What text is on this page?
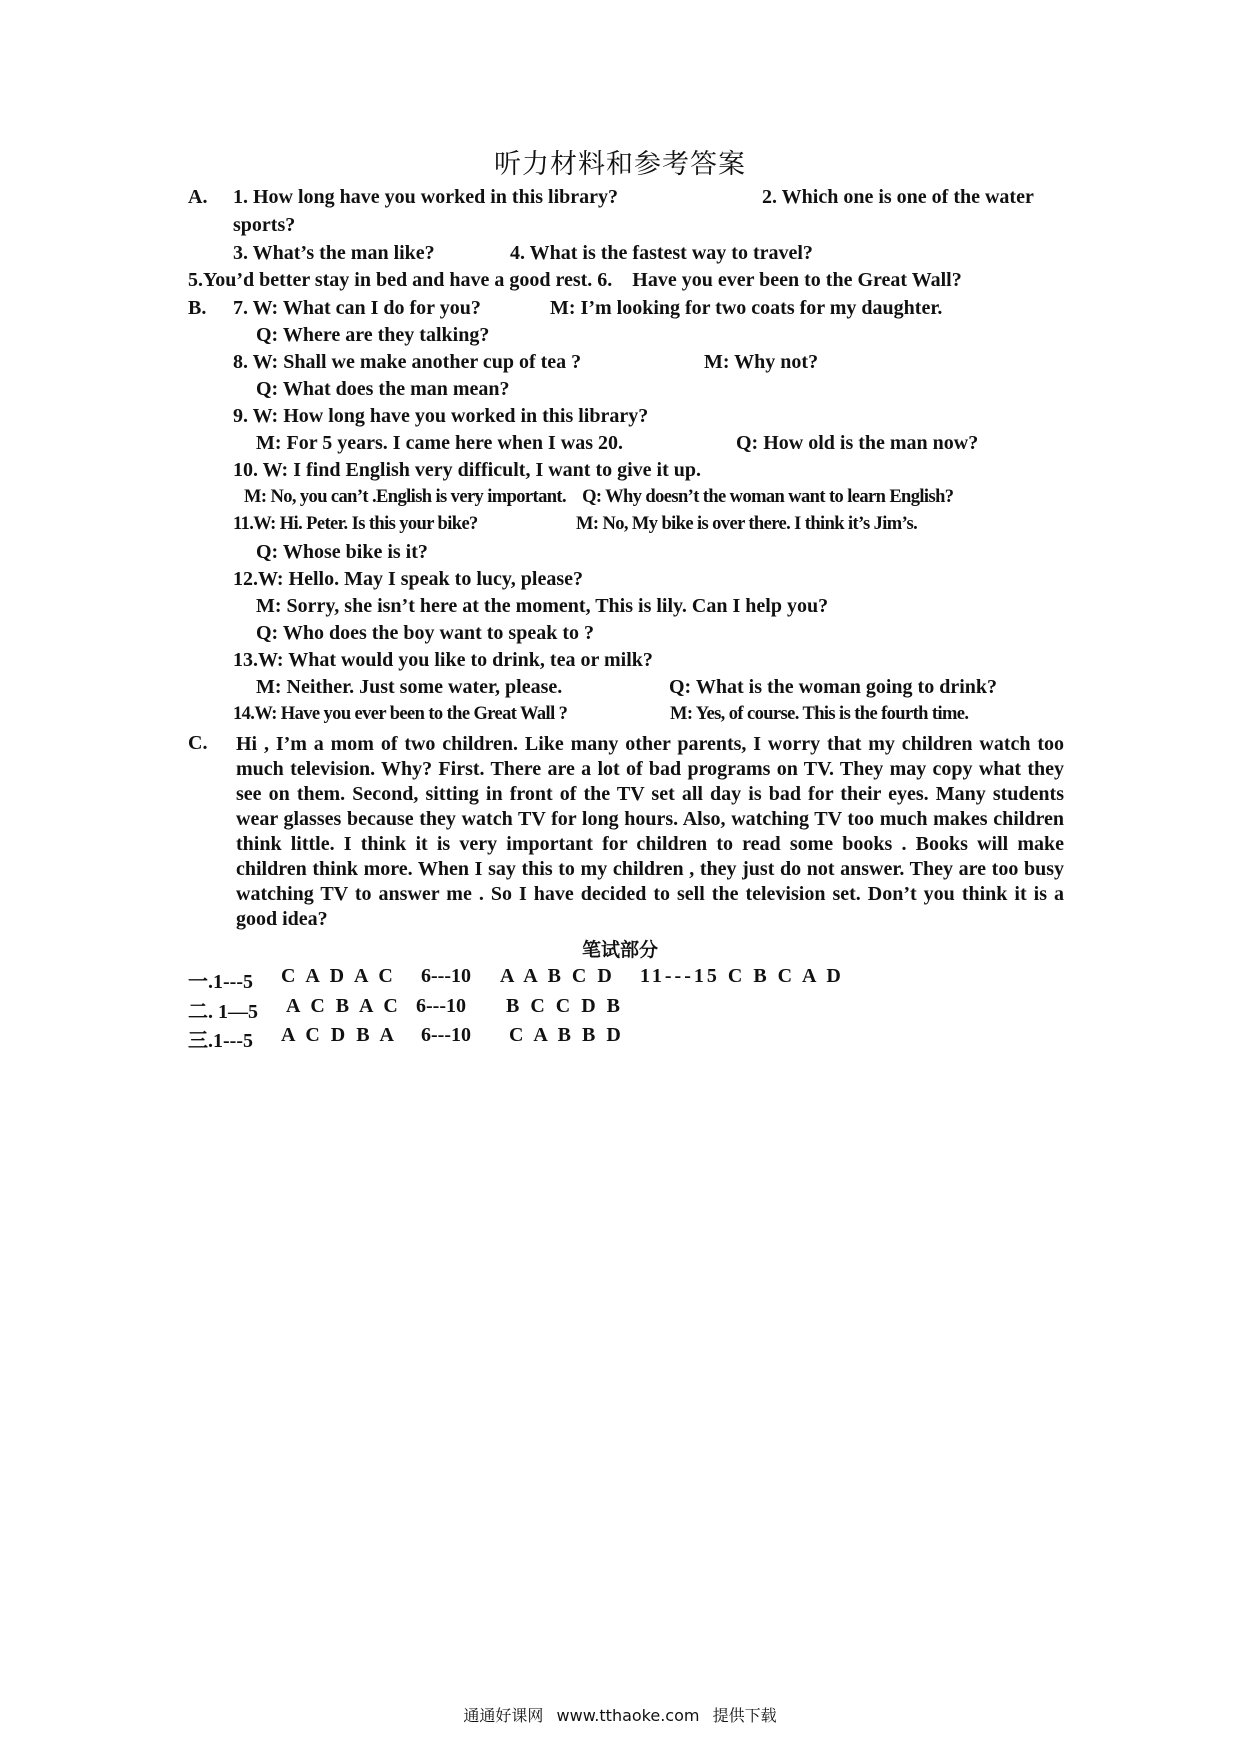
听力材料和参考答案
A. 1. How long have you worked in this library?	2. Which one is one of the water
sports?
3. What’s the man like?	4. What is the fastest way to travel?
5.You’d better stay in bed and have a good rest. 6.    Have you ever been to the Great Wall?
B. 7. W: What can I do for you?	M: I’m looking for two coats for my daughter.
Q: Where are they talking?
8. W: Shall we make another cup of tea ?	M: Why not?
Q: What does the man mean?
9. W: How long have you worked in this library?
M: For 5 years. I came here when I was 20.	Q: How old is the man now?
10. W: I find English very difficult, I want to give it up.
M: No, you can’t .English is very important.    Q: Why doesn’t the woman want to learn English?
11.W: Hi. Peter. Is this your bike?	M: No, My bike is over there. I think it’s Jim’s.
Q: Whose bike is it?
12.W: Hello. May I speak to lucy, please?
M: Sorry, she isn’t here at the moment, This is lily. Can I help you?
Q: Who does the boy want to speak to ?
13.W: What would you like to drink, tea or milk?
M: Neither. Just some water, please.	Q: What is the woman going to drink?
14.W: Have you ever been to the Great Wall ?	M: Yes, of course. This is the fourth time.
C. Hi , I’m a mom of two children. Like many other parents, I worry that my children watch too much television. Why? First. There are a lot of bad programs on TV. They may copy what they see on them. Second, sitting in front of the TV set all day is bad for their eyes. Many students wear glasses because they watch TV for long hours. Also, watching TV too much makes children think little. I think it is very important for children to read some books . Books will make children think more. When I say this to my children , they just do not answer. They are too busy watching TV to answer me . So I have decided to sell the television set. Don’t you think it is a good idea?
笔试部分
一.1---5 C A D A C 6---10 A A B C D 11---15 C B C A D
二. 1—5 A C B A C 6---10 B C C D B
三.1---5 A C D B A 6---10 C A B B D
通通好课网 www.tthaoke.com 提供下载
